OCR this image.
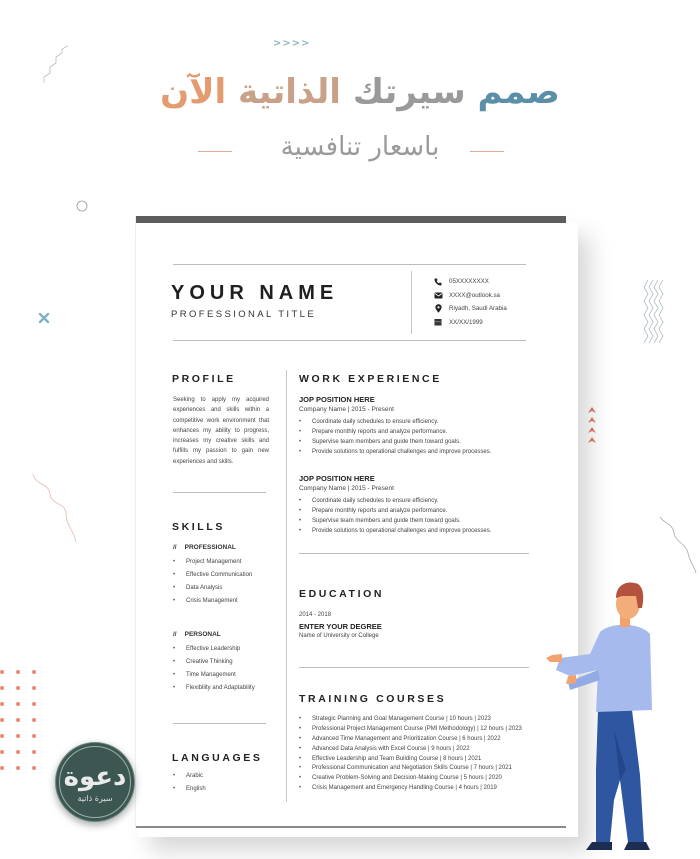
>>>>
صمم سيرتك الذاتية الآن
باسعار تنافسية
YOUR NAME
PROFESSIONAL TITLE
05XXXXXXXX
XXXX@outlook.sa
Riyadh, Saudi Arabia
XX/XX/1999
PROFILE
Seeking to apply my acquired experiences and skills within a competitive work environment that enhances my ability to progress, increases my creative skills and fulfills my passion to gain new experiences and skills.
SKILLS
// PROFESSIONAL
• Project Management
• Effective Communication
• Data Analysis
• Crisis Management
// PERSONAL
• Effective Leadership
• Creative Thinking
• Time Management
• Flexibility and Adaptability
LANGUAGES
• Arabic
• English
WORK EXPERIENCE
JOP POSITION HERE
Company Name | 2015 - Present
• Coordinate daily schedules to ensure efficiency.
• Prepare monthly reports and analyze performance.
• Supervise team members and guide them toward goals.
• Provide solutions to operational challenges and improve processes.
JOP POSITION HERE
Company Name | 2015 - Present
• Coordinate daily schedules to ensure efficiency.
• Prepare monthly reports and analyze performance.
• Supervise team members and guide them toward goals.
• Provide solutions to operational challenges and improve processes.
EDUCATION
2014 - 2018
ENTER YOUR DEGREE
Name of University or College
TRAINING COURSES
• Strategic Planning and Goal Management Course | 10 hours | 2023
• Professional Project Management Course (PMI Methodology) | 12 hours | 2023
• Advanced Time Management and Prioritization Course | 6 hours | 2022
• Advanced Data Analysis with Excel Course | 9 hours | 2022
• Effective Leadership and Team Building Course | 8 hours | 2021
• Professional Communication and Negotiation Skills Course | 7 hours | 2021
• Creative Problem-Solving and Decision-Making Course | 5 hours | 2020
• Crisis Management and Emergency Handling Course | 4 hours | 2019
دعوة
سيرة ذاتية
